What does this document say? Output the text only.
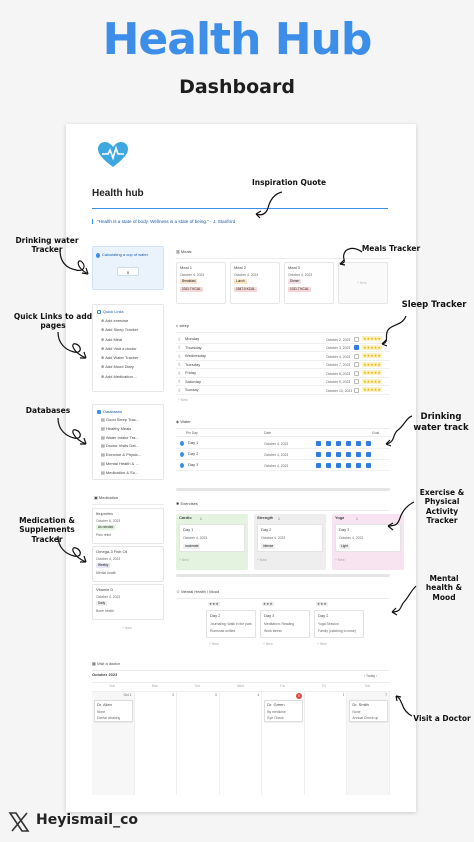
Health Hub
Dashboard
Health hub
"Health is a state of body. Wellness is a state of being." - J. Stanford
Calculating a cup of water
0
Quick Links
⊕ Add exercise
⊕ Add Sleep Tracker
⊕ Add Meal
⊕ Add Visit a doctor
⊕ Add Water Tracker
⊕ Add Mood Diary
⊕ Add Medication ...
Databases
▤ Good Sleep Trac...
▤ Healthy Meals
▤ Water Intake Tra...
▤ Doctor Visits Dat...
▤ Exercise & Physic...
▤ Mental Health & ...
▤ Medication & Su...
▣ Medication
Ibuprofen
October 6, 2023
As needed
Pain relief
Omega-3 Fish Oil
October 4, 2023
Weekly
Mental health
Vitamin D
October 4, 2023
Daily
Bone health
+ New
▥ Meals
Meal 1
October 4, 2023
Breakfast
1011.7 KCAL
Meal 2
October 4, 2023
Lunch
1547.0 KCAL
Meal 3
October 4, 2023
Dinner
1011.7 KCAL
+ New
◐ sleep
☾ Monday	October 2, 2023	★★★★★
☾ Thursday	October 3, 2023	★★★★★
☾ Wednesday	October 4, 2023	★★★★★
☾ Tuesday	October 7, 2023	★★★★★
☾ Friday	October 8, 2023	★★★★★
☾ Saturday	October 9, 2023	★★★★★
☾ Sunday	October 10, 2023	★★★★★
+ New
◈ Water
Pin Day	Date	Goal
Day 1	October 4, 2023
Day 2	October 4, 2023
Day 3	October 4, 2023
✱ Exercises
Cardio 1
Day 1
October 4, 2023
moderate
+ New
Strength 1
Day 2
October 4, 2023
intense
+ New
Yoga	1
Day 3
October 4, 2023
Light
+ New
☺ Mental Health / Mood
★★★
Day 2
Journaling: Walk in the park
Rumsnak unified
+ New
★★★
Day 3
Meditation: Reading
Work stress
+ New
★★★
Day 2
Yoga Session
Family (catching to nose)
+ New
▦ Visit a doctor
October 2023	‹ Today ›
Sun	Mon	Tue	Wed	Thu	Fri	Sat
Oct 1	2	3	4	5	6	7
Dr. Allen
None
Dental cleaning
Dr. Green
By medicine
Eye Check
Dr. Smith
None
Annual Check up
Inspiration Quote
Drinking water Tracker	Meals Tracker
Sleep Tracker
Quick Links to add pages
Databases
Drinking water track
Exercise & Physical Activity Tracker
Medication & Supplements Tracker
Mental health & Mood
Visit a Doctor
Heyismail_co
